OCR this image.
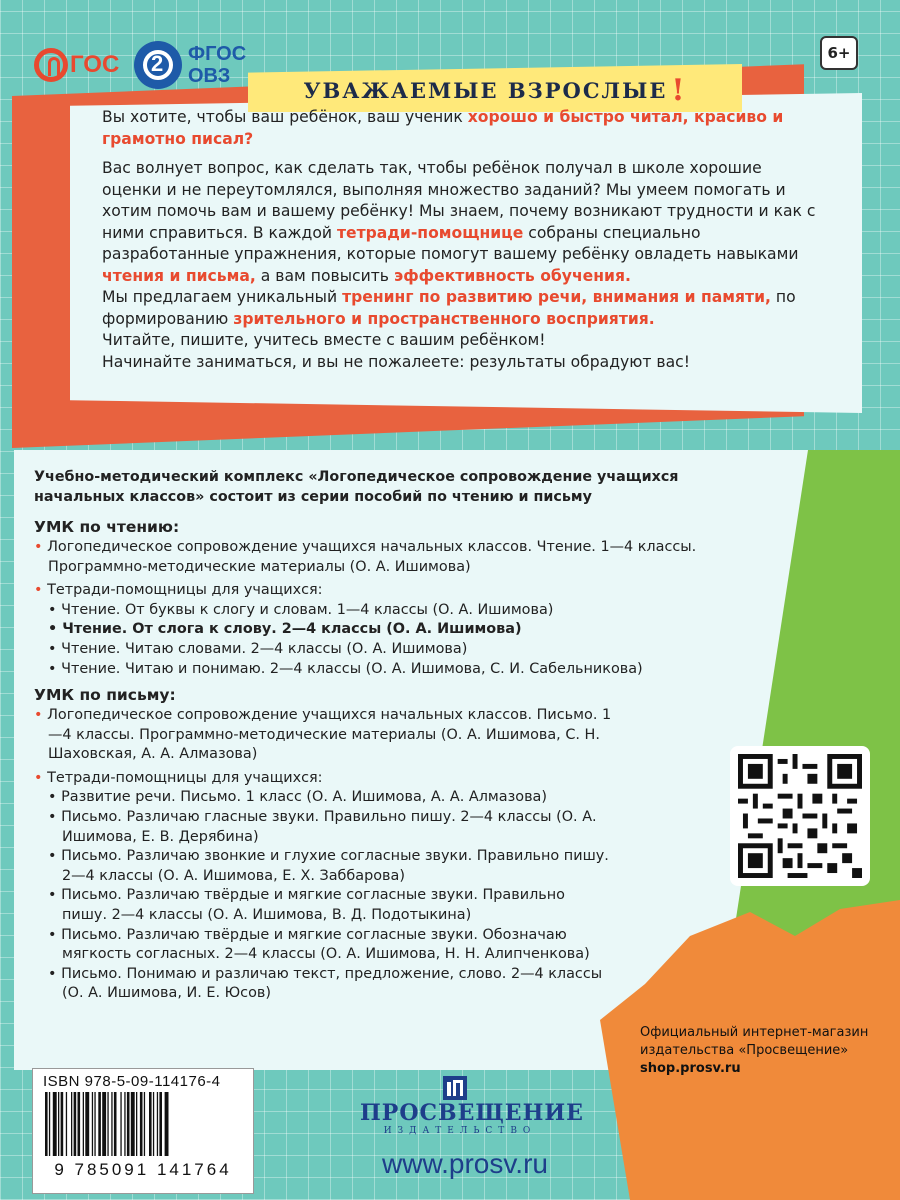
ГОС
2	ФГОС
ОВЗ
6+
УВАЖАЕМЫЕ ВЗРОСЛЫЕ !

Вы хотите, чтобы ваш ребёнок, ваш ученик хорошо и быстро читал, красиво и грамотно писал?

Вас волнует вопрос, как сделать так, чтобы ребёнок получал в школе хорошие оценки и не переутомлялся, выполняя множество заданий? Мы умеем помогать и хотим помочь вам и вашему ребёнку! Мы знаем, почему возникают трудности и как с ними справиться. В каждой тетради-помощнице собраны специально разработанные упражнения, которые помогут вашему ребёнку овладеть навыками чтения и письма, а вам повысить эффективность обучения.

Мы предлагаем уникальный тренинг по развитию речи, внимания и памяти, по формированию зрительного и пространственного восприятия.

Читайте, пишите, учитесь вместе с вашим ребёнком!

Начинайте заниматься, и вы не пожалеете: результаты обрадуют вас!

Учебно-методический комплекс «Логопедическое сопровождение учащихся начальных классов» состоит из серии пособий по чтению и письму
УМК по чтению:
• Логопедическое сопровождение учащихся начальных классов. Чтение. 1—4 классы. Программно-методические материалы (О. А. Ишимова)
• Тетради-помощницы для учащихся:
• Чтение. От буквы к слогу и словам. 1—4 классы (О. А. Ишимова)
• Чтение. От слога к слову. 2—4 классы (О. А. Ишимова)
• Чтение. Читаю словами. 2—4 классы (О. А. Ишимова)
• Чтение. Читаю и понимаю. 2—4 классы (О. А. Ишимова, С. И. Сабельникова)
УМК по письму:
• Логопедическое сопровождение учащихся начальных классов. Письмо. 1—4 классы. Программно-методические материалы (О. А. Ишимова, С. Н. Шаховская, А. А. Алмазова)
• Тетради-помощницы для учащихся:
• Развитие речи. Письмо. 1 класс (О. А. Ишимова, А. А. Алмазова)
• Письмо. Различаю гласные звуки. Правильно пишу. 2—4 классы (О. А. Ишимова, Е. В. Дерябина)
• Письмо. Различаю звонкие и глухие согласные звуки. Правильно пишу. 2—4 классы (О. А. Ишимова, Е. Х. Заббарова)
• Письмо. Различаю твёрдые и мягкие согласные звуки. Правильно пишу. 2—4 классы (О. А. Ишимова, В. Д. Подотыкина)
• Письмо. Различаю твёрдые и мягкие согласные звуки. Обозначаю мягкость согласных. 2—4 классы (О. А. Ишимова, Н. Н. Алипченкова)
• Письмо. Понимаю и различаю текст, предложение, слово. 2—4 классы (О. А. Ишимова, И. Е. Юсов)
Официальный интернет-магазин
издательства «Просвещение»
shop.prosv.ru
ISBN 978-5-09-114176-4
9 785091 141764
ПРОСВЕЩЕНИЕ
ИЗДАТЕЛЬСТВО
www.prosv.ru
